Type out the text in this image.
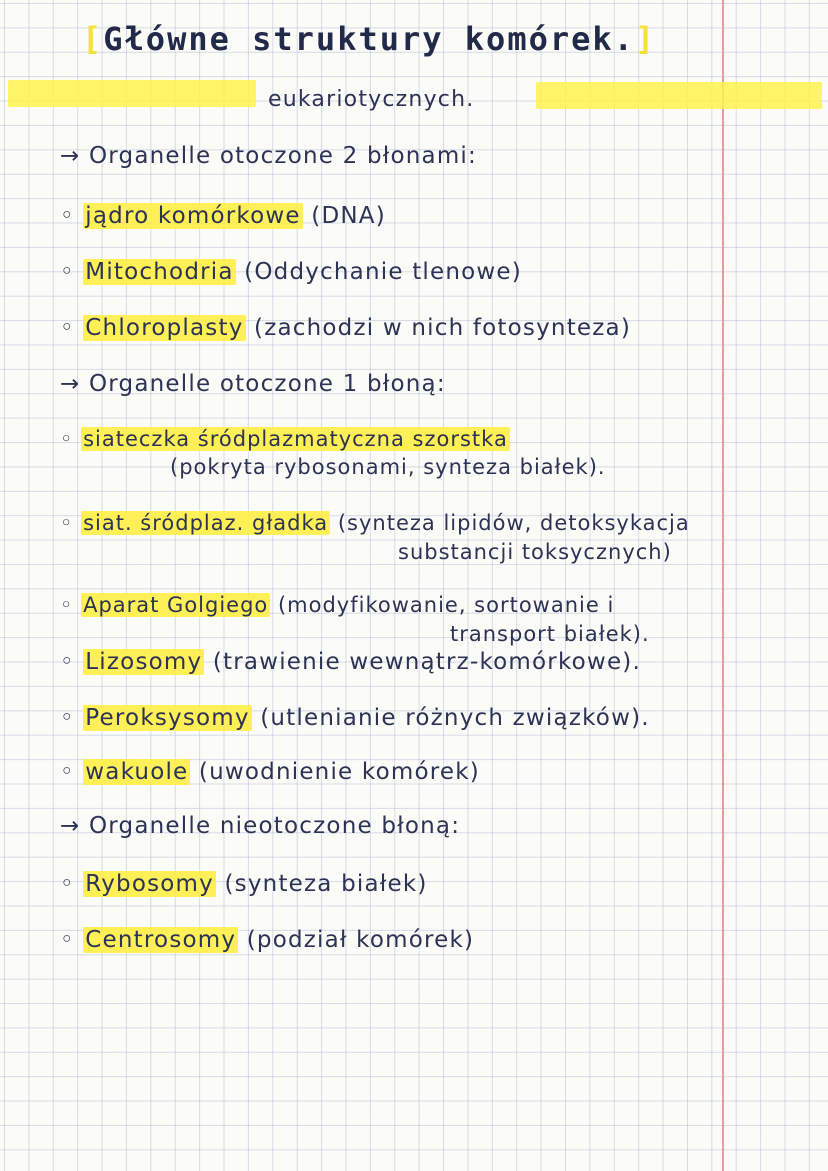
[Główne struktury komórek.]
eukariotycznych.
→ Organelle otoczone 2 błonami:
◦ jądro komórkowe (DNA)
◦ Mitochodria (Oddychanie tlenowe)
◦ Chloroplasty (zachodzi w nich fotosynteza)
→ Organelle otoczone 1 błoną:
◦ siateczka śródplazmatyczna szorstka
(pokryta rybosonami, synteza białek).
◦ siat. śródplaz. gładka (synteza lipidów, detoksykacja
substancji toksycznych)
◦ Aparat Golgiego (modyfikowanie, sortowanie i
transport białek).
◦ Lizosomy (trawienie wewnątrz-komórkowe).
◦ Peroksysomy (utlenianie różnych związków).
◦ wakuole (uwodnienie komórek)
→ Organelle nieotoczone błoną:
◦ Rybosomy (synteza białek)
◦ Centrosomy (podział komórek)
